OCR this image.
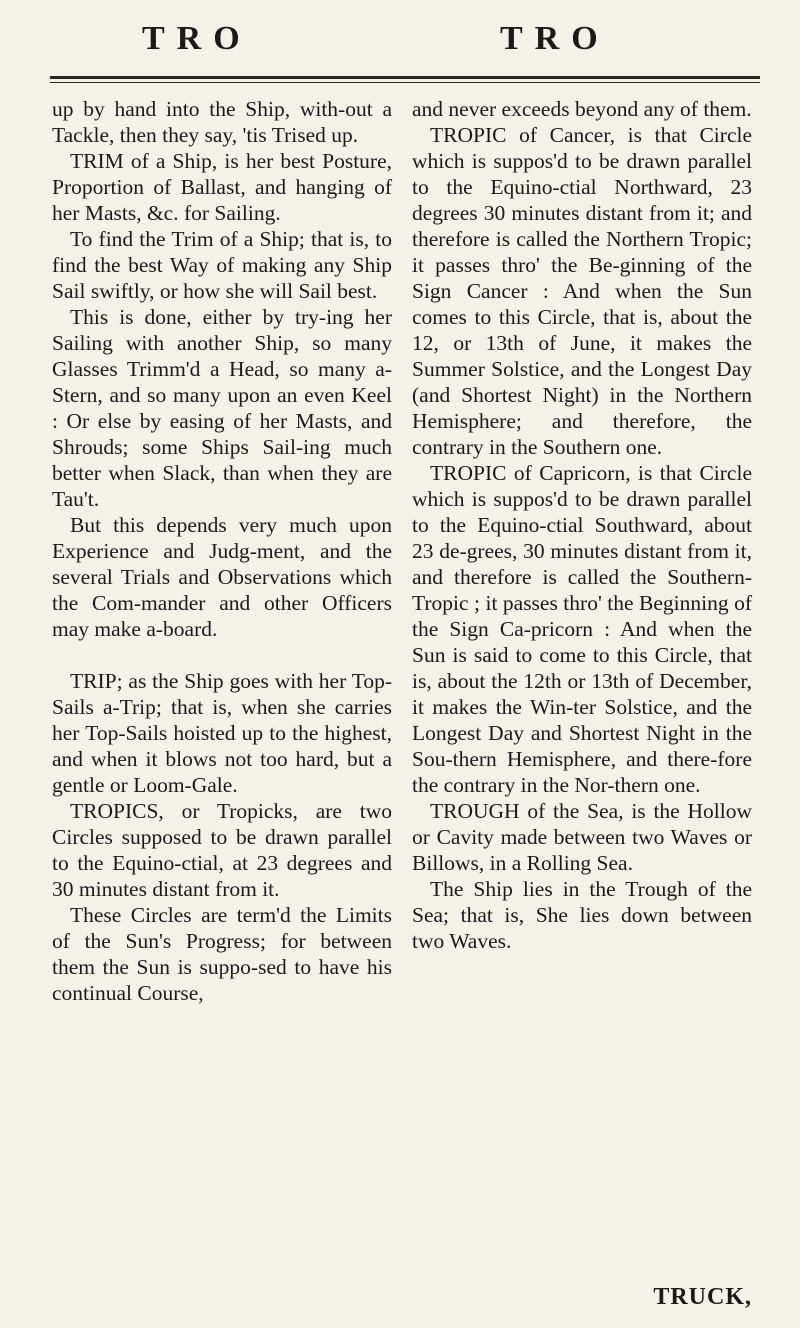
TRO	TRO

up by hand into the Ship, with-out a Tackle, then they say, 'tis Trised up.

TRIM of a Ship, is her best Posture, Proportion of Ballast, and hanging of her Masts, &c. for Sailing.

To find the Trim of a Ship; that is, to find the best Way of making any Ship Sail swiftly, or how she will Sail best.

This is done, either by try-ing her Sailing with another Ship, so many Glasses Trimm'd a Head, so many a-Stern, and so many upon an even Keel : Or else by easing of her Masts, and Shrouds; some Ships Sail-ing much better when Slack, than when they are Tau't.

But this depends very much upon Experience and Judg-ment, and the several Trials and Observations which the Com-mander and other Officers may make a-board.

TRIP; as the Ship goes with her Top-Sails a-Trip; that is, when she carries her Top-Sails hoisted up to the highest, and when it blows not too hard, but a gentle or Loom-Gale.

TROPICS, or Tropicks, are two Circles supposed to be drawn parallel to the Equino-ctial, at 23 degrees and 30 minutes distant from it.

These Circles are term'd the Limits of the Sun's Progress; for between them the Sun is suppo-sed to have his continual Course,

and never exceeds beyond any of them.

TROPIC of Cancer, is that Circle which is suppos'd to be drawn parallel to the Equino-ctial Northward, 23 degrees 30 minutes distant from it; and therefore is called the Northern Tropic; it passes thro' the Be-ginning of the Sign Cancer : And when the Sun comes to this Circle, that is, about the 12, or 13th of June, it makes the Summer Solstice, and the Longest Day (and Shortest Night) in the Northern Hemisphere; and therefore, the contrary in the Southern one.

TROPIC of Capricorn, is that Circle which is suppos'd to be drawn parallel to the Equino-ctial Southward, about 23 de-grees, 30 minutes distant from it, and therefore is called the Southern-Tropic ; it passes thro' the Beginning of the Sign Ca-pricorn : And when the Sun is said to come to this Circle, that is, about the 12th or 13th of December, it makes the Win-ter Solstice, and the Longest Day and Shortest Night in the Sou-thern Hemisphere, and there-fore the contrary in the Nor-thern one.

TROUGH of the Sea, is the Hollow or Cavity made between two Waves or Billows, in a Rolling Sea.

The Ship lies in the Trough of the Sea; that is, She lies down between two Waves.

TRUCK,
